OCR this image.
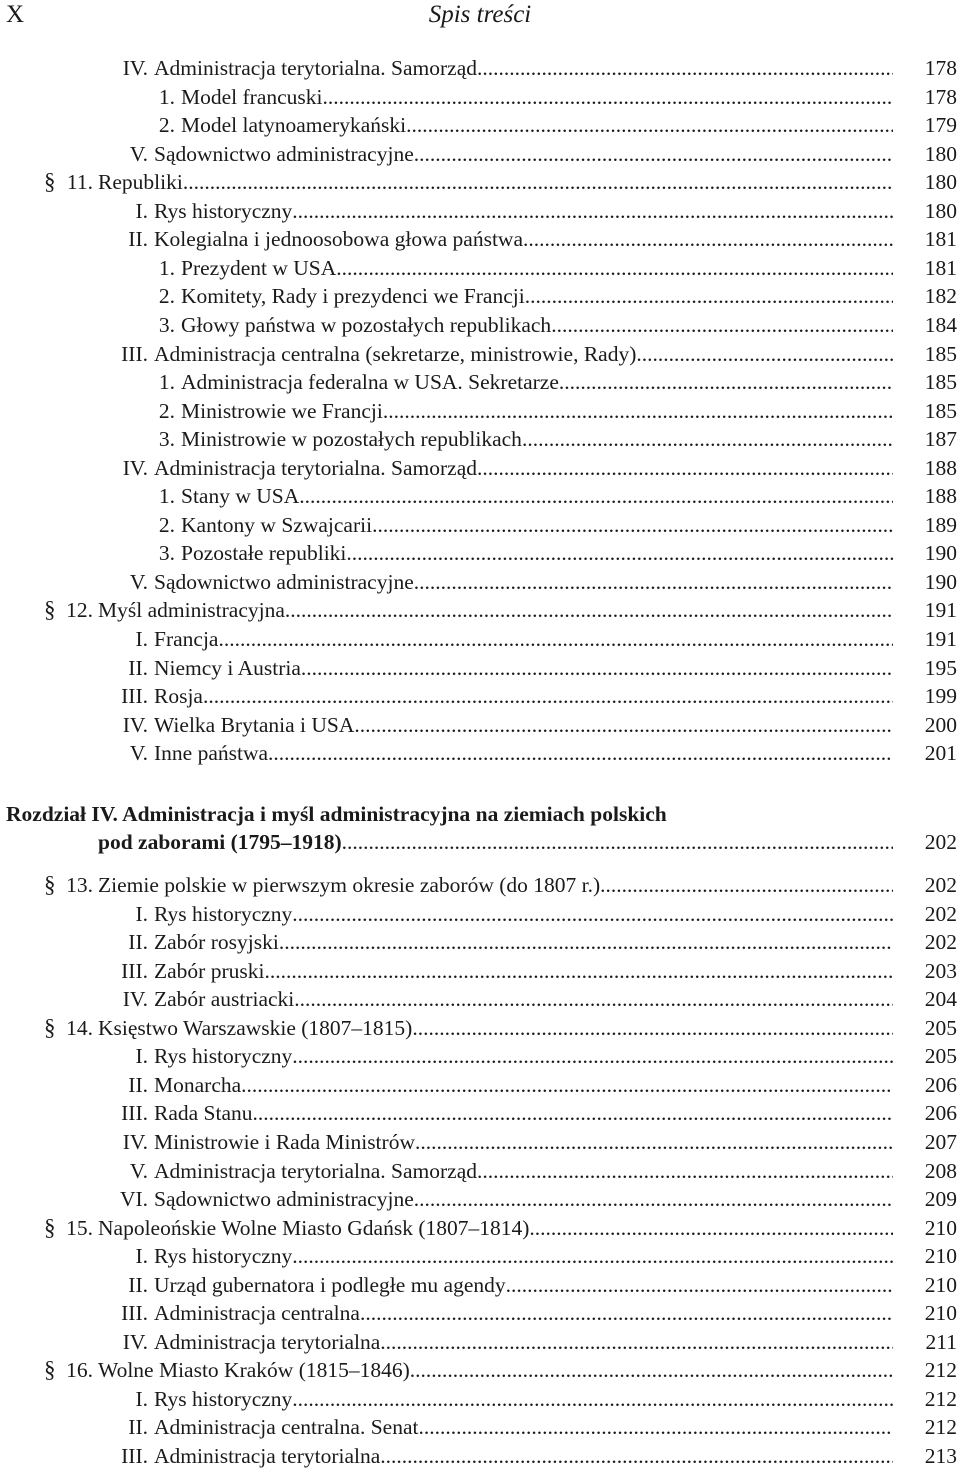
X	Spis treści
IV. Administracja terytorialna. Samorząd .....	178
1. Model francuski .....	178
2. Model latynoamerykański .....	179
V. Sądownictwo administracyjne .....	180
§ 11. Republiki .....	180
I. Rys historyczny .....	180
II. Kolegialna i jednoosobowa głowa państwa .....	181
1. Prezydent w USA .....	181
2. Komitety, Rady i prezydenci we Francji .....	182
3. Głowy państwa w pozostałych republikach .....	184
III. Administracja centralna (sekretarze, ministrowie, Rady) .....	185
1. Administracja federalna w USA. Sekretarze .....	185
2. Ministrowie we Francji .....	185
3. Ministrowie w pozostałych republikach .....	187
IV. Administracja terytorialna. Samorząd .....	188
1. Stany w USA .....	188
2. Kantony w Szwajcarii .....	189
3. Pozostałe republiki .....	190
V. Sądownictwo administracyjne .....	190
§ 12. Myśl administracyjna .....	191
I. Francja .....	191
II. Niemcy i Austria .....	195
III. Rosja .....	199
IV. Wielka Brytania i USA .....	200
V. Inne państwa .....	201
Rozdział IV. Administracja i myśl administracyjna na ziemiach polskich
pod zaborami (1795–1918) .....	202
§ 13. Ziemie polskie w pierwszym okresie zaborów (do 1807 r.) .....	202
I. Rys historyczny .....	202
II. Zabór rosyjski .....	202
III. Zabór pruski .....	203
IV. Zabór austriacki .....	204
§ 14. Księstwo Warszawskie (1807–1815) .....	205
I. Rys historyczny .....	205
II. Monarcha .....	206
III. Rada Stanu .....	206
IV. Ministrowie i Rada Ministrów .....	207
V. Administracja terytorialna. Samorząd .....	208
VI. Sądownictwo administracyjne .....	209
§ 15. Napoleońskie Wolne Miasto Gdańsk (1807–1814) .....	210
I. Rys historyczny .....	210
II. Urząd gubernatora i podległe mu agendy .....	210
III. Administracja centralna .....	210
IV. Administracja terytorialna .....	211
§ 16. Wolne Miasto Kraków (1815–1846) .....	212
I. Rys historyczny .....	212
II. Administracja centralna. Senat .....	212
III. Administracja terytorialna .....	213
